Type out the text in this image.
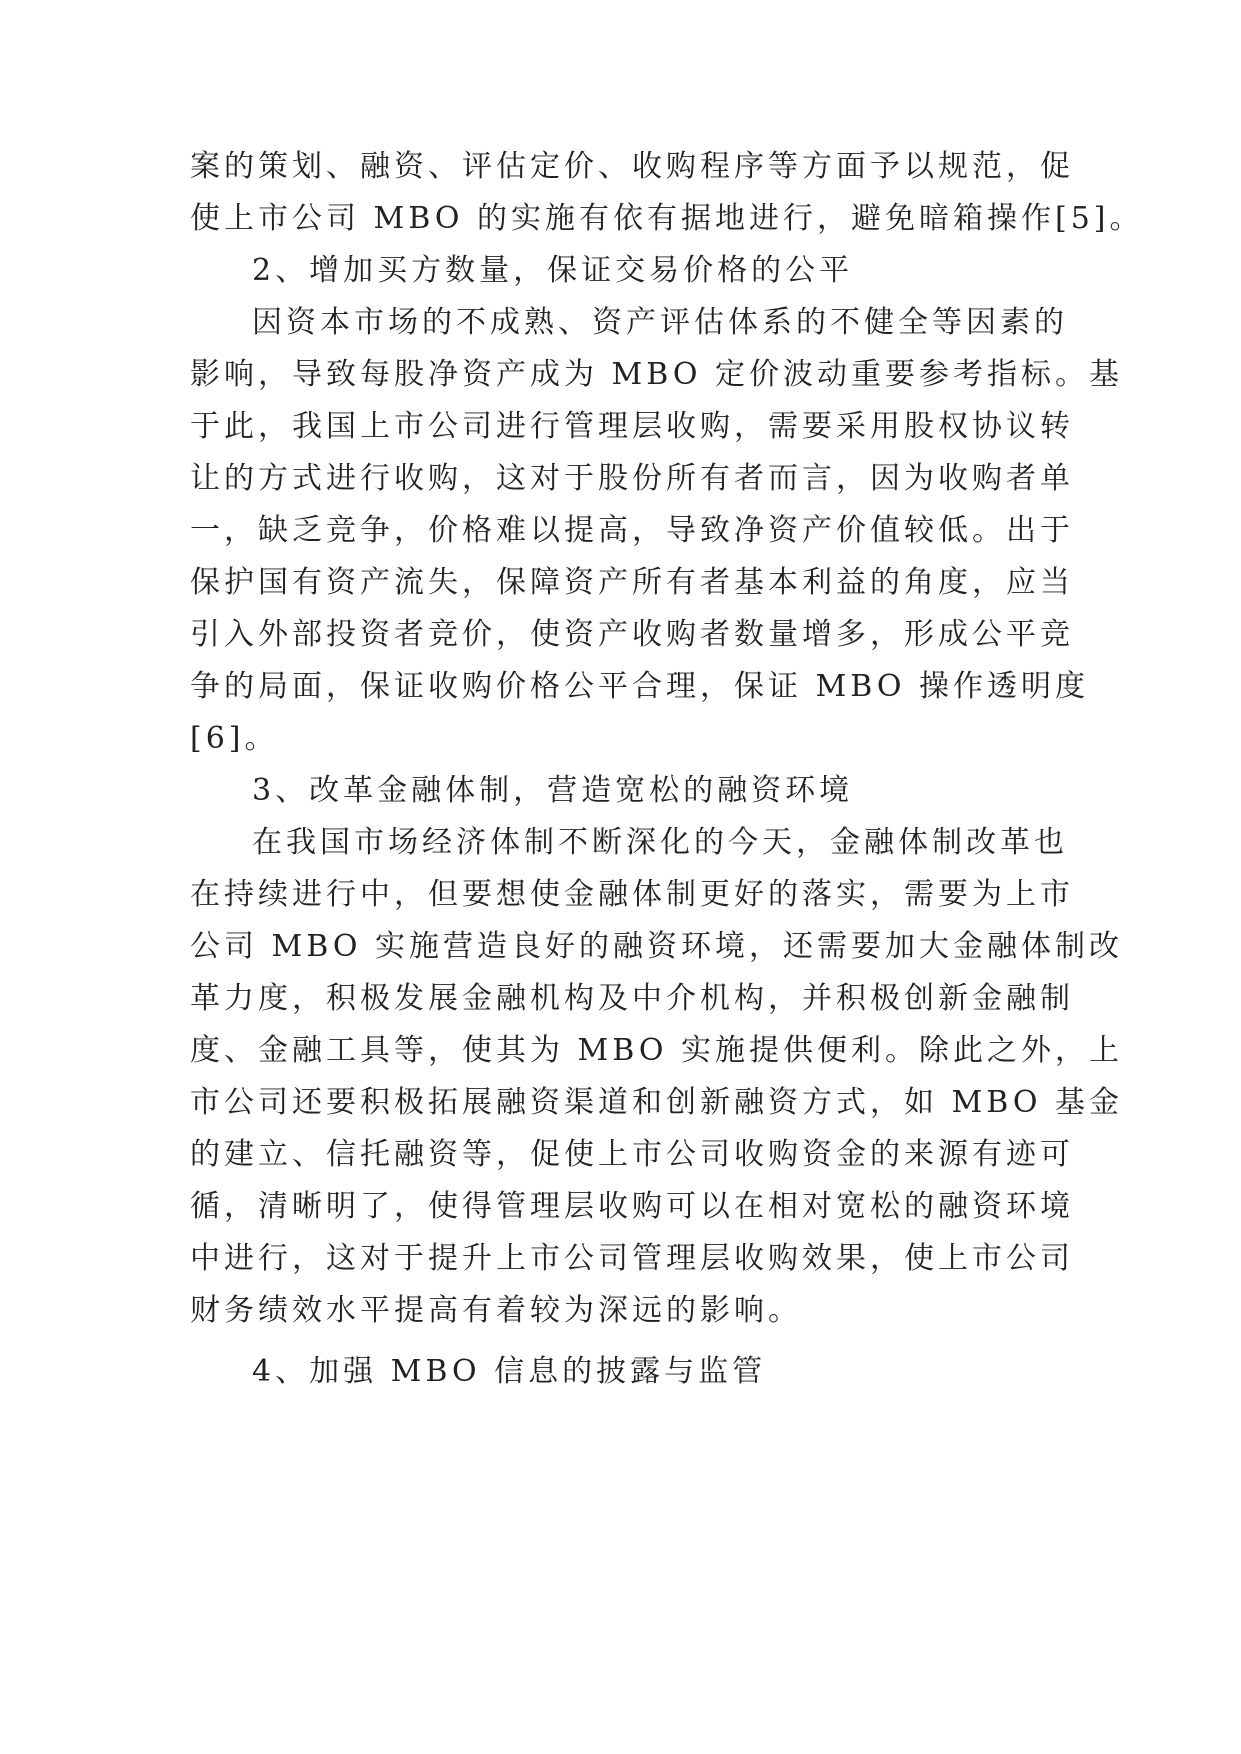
案的策划、融资、评估定价、收购程序等方面予以规范，促
使上市公司 MBO 的实施有依有据地进行，避免暗箱操作[5]。
2、增加买方数量，保证交易价格的公平
因资本市场的不成熟、资产评估体系的不健全等因素的
影响，导致每股净资产成为 MBO 定价波动重要参考指标。基
于此，我国上市公司进行管理层收购，需要采用股权协议转
让的方式进行收购，这对于股份所有者而言，因为收购者单
一，缺乏竞争，价格难以提高，导致净资产价值较低。出于
保护国有资产流失，保障资产所有者基本利益的角度，应当
引入外部投资者竞价，使资产收购者数量增多，形成公平竞
争的局面，保证收购价格公平合理，保证 MBO 操作透明度
[6]。
3、改革金融体制，营造宽松的融资环境
在我国市场经济体制不断深化的今天，金融体制改革也
在持续进行中，但要想使金融体制更好的落实，需要为上市
公司 MBO 实施营造良好的融资环境，还需要加大金融体制改
革力度，积极发展金融机构及中介机构，并积极创新金融制
度、金融工具等，使其为 MBO 实施提供便利。除此之外，上
市公司还要积极拓展融资渠道和创新融资方式，如 MBO 基金
的建立、信托融资等，促使上市公司收购资金的来源有迹可
循，清晰明了，使得管理层收购可以在相对宽松的融资环境
中进行，这对于提升上市公司管理层收购效果，使上市公司
财务绩效水平提高有着较为深远的影响。
4、加强 MBO 信息的披露与监管
